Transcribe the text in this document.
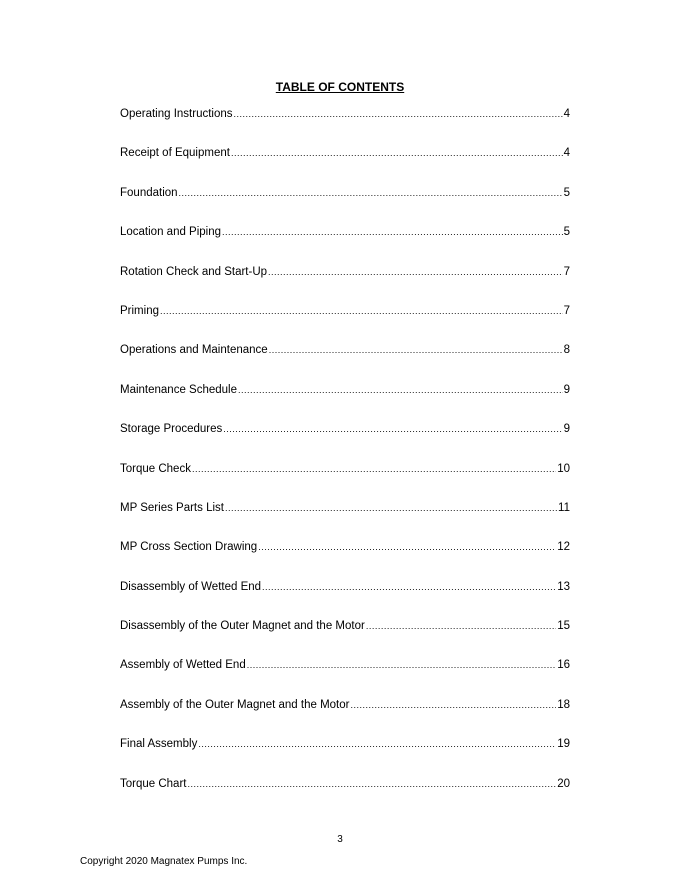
TABLE OF CONTENTS
Operating Instructions .....	4
Receipt of Equipment .....	4
Foundation .....	5
Location and Piping .....	5
Rotation Check and Start-Up .....	7
Priming .....	7
Operations and Maintenance .....	8
Maintenance Schedule .....	9
Storage Procedures .....	9
Torque Check .....	10
MP Series Parts List .....	11
MP Cross Section Drawing .....	12
Disassembly of Wetted End .....	13
Disassembly of the Outer Magnet and the Motor .....	15
Assembly of Wetted End .....	16
Assembly of the Outer Magnet and the Motor .....	18
Final Assembly .....	19
Torque Chart .....	20
3
Copyright 2020 Magnatex Pumps Inc.
